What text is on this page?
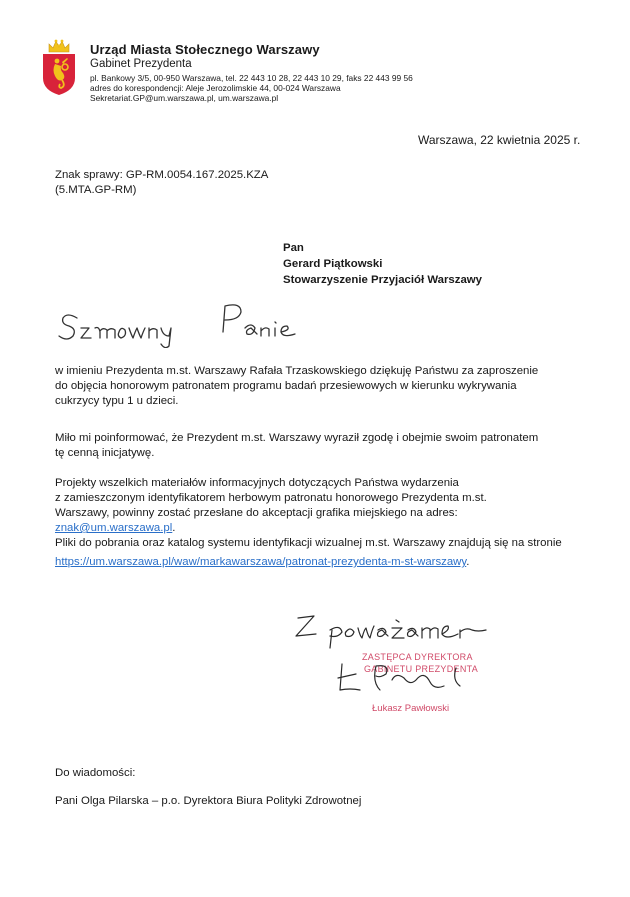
Urząd Miasta Stołecznego Warszawy
Gabinet Prezydenta
pl. Bankowy 3/5, 00-950 Warszawa, tel. 22 443 10 28, 22 443 10 29, faks 22 443 99 56
adres do korespondencji: Aleje Jerozolimskie 44, 00-024 Warszawa
Sekretariat.GP@um.warszawa.pl, um.warszawa.pl
Warszawa, 22 kwietnia 2025 r.
Znak sprawy: GP-RM.0054.167.2025.KZA
(5.MTA.GP-RM)
Pan
Gerard Piątkowski
Stowarzyszenie Przyjaciół Warszawy
w imieniu Prezydenta m.st. Warszawy Rafała Trzaskowskiego dziękuję Państwu za zaproszenie
do objęcia honorowym patronatem programu badań przesiewowych w kierunku wykrywania
cukrzycy typu 1 u dzieci.
Miło mi poinformować, że Prezydent m.st. Warszawy wyraził zgodę i obejmie swoim patronatem
tę cenną inicjatywę.
Projekty wszelkich materiałów informacyjnych dotyczących Państwa wydarzenia
z zamieszczonym identyfikatorem herbowym patronatu honorowego Prezydenta m.st.
Warszawy, powinny zostać przesłane do akceptacji grafika miejskiego na adres:
znak@um.warszawa.pl.
Pliki do pobrania oraz katalog systemu identyfikacji wizualnej m.st. Warszawy znajdują się na stronie
https://um.warszawa.pl/waw/markawarszawa/patronat-prezydenta-m-st-warszawy.
ZASTĘPCA DYREKTORA
GABINETU PREZYDENTA
Łukasz Pawłowski
Do wiadomości:
Pani Olga Pilarska – p.o. Dyrektora Biura Polityki Zdrowotnej
